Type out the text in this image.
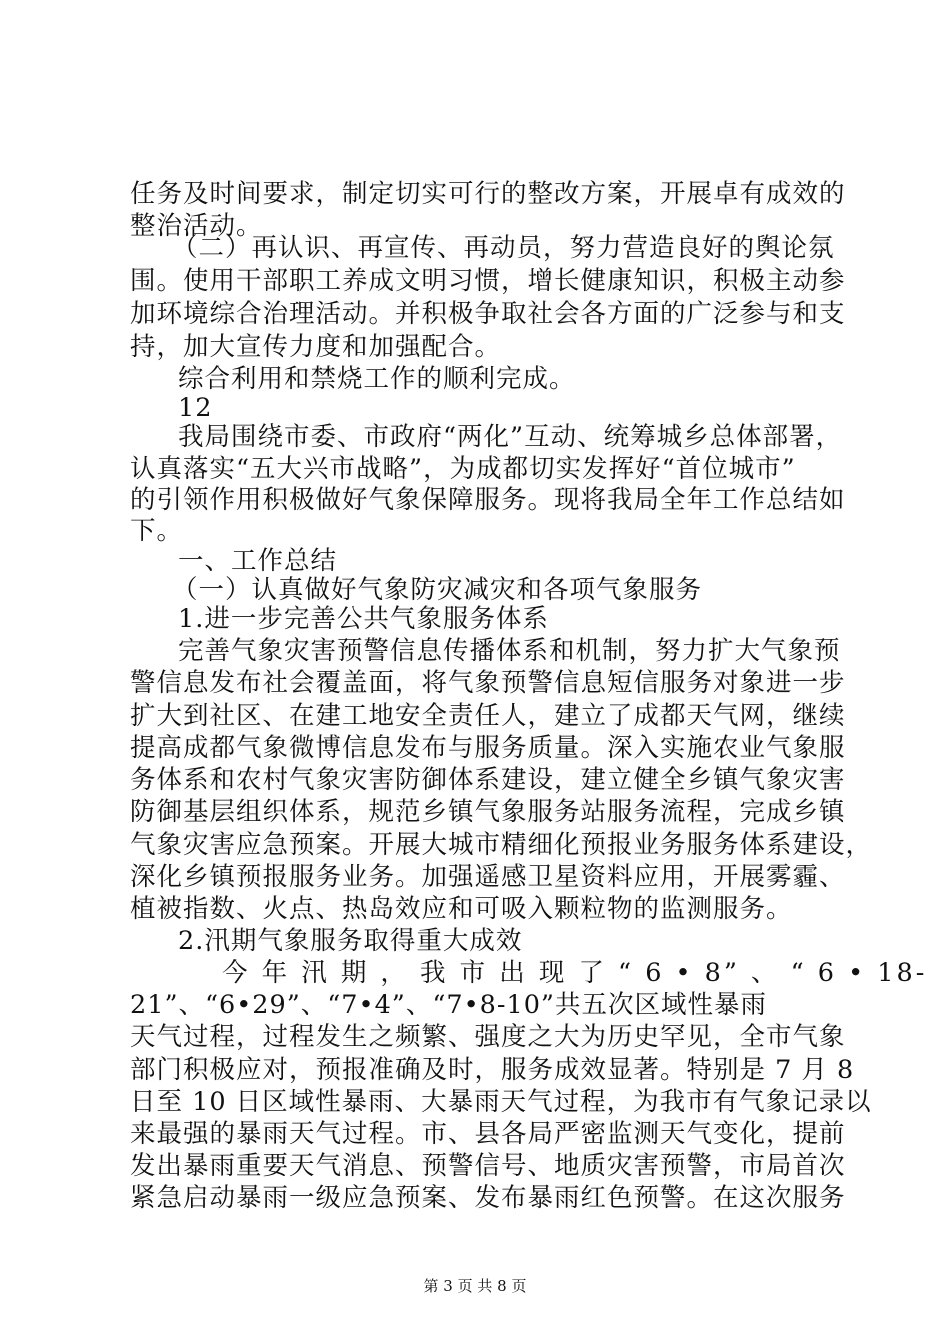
任务及时间要求，制定切实可行的整改方案，开展卓有成效的
整治活动。
（二）再认识、再宣传、再动员，努力营造良好的舆论氛
围。使用干部职工养成文明习惯，增长健康知识，积极主动参
加环境综合治理活动。并积极争取社会各方面的广泛参与和支
持，加大宣传力度和加强配合。
综合利用和禁烧工作的顺利完成。
12
我局围绕市委、市政府“两化”互动、统筹城乡总体部署，
认真落实“五大兴市战略”，为成都切实发挥好“首位城市”
的引领作用积极做好气象保障服务。现将我局全年工作总结如
下。
一、工作总结
（一）认真做好气象防灾减灾和各项气象服务
1.进一步完善公共气象服务体系
完善气象灾害预警信息传播体系和机制，努力扩大气象预
警信息发布社会覆盖面，将气象预警信息短信服务对象进一步
扩大到社区、在建工地安全责任人，建立了成都天气网，继续
提高成都气象微博信息发布与服务质量。深入实施农业气象服
务体系和农村气象灾害防御体系建设，建立健全乡镇气象灾害
防御基层组织体系，规范乡镇气象服务站服务流程，完成乡镇
气象灾害应急预案。开展大城市精细化预报业务服务体系建设，
深化乡镇预报服务业务。加强遥感卫星资料应用，开展雾霾、
植被指数、火点、热岛效应和可吸入颗粒物的监测服务。
2.汛期气象服务取得重大成效
今 年 汛 期 ， 我 市 出 现 了 “ 6 • 8” 、 “ 6 • 18-
21”、“6•29”、“7•4”、“7•8-10”共五次区域性暴雨
天气过程，过程发生之频繁、强度之大为历史罕见，全市气象
部门积极应对，预报准确及时，服务成效显著。特别是 7 月 8
日至 10 日区域性暴雨、大暴雨天气过程，为我市有气象记录以
来最强的暴雨天气过程。市、县各局严密监测天气变化，提前
发出暴雨重要天气消息、预警信号、地质灾害预警，市局首次
紧急启动暴雨一级应急预案、发布暴雨红色预警。在这次服务
第 3 页 共 8 页
